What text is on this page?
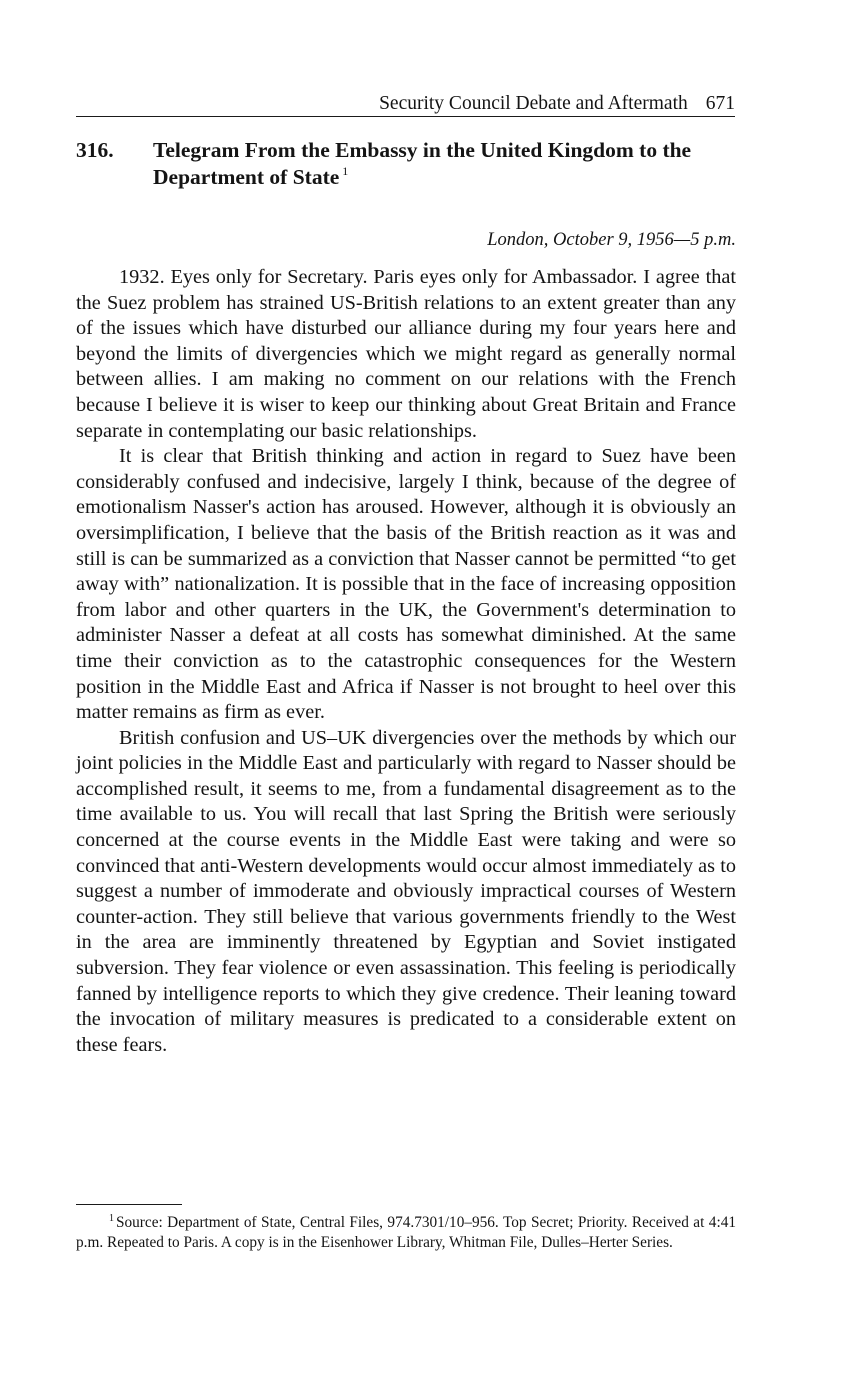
Security Council Debate and Aftermath 671
316. Telegram From the Embassy in the United Kingdom to the Department of State $^1$
London, October 9, 1956—5 p.m.

1932. Eyes only for Secretary. Paris eyes only for Ambassador. I agree that the Suez problem has strained US-British relations to an extent greater than any of the issues which have disturbed our alliance during my four years here and beyond the limits of divergencies which we might regard as generally normal between allies. I am making no comment on our relations with the French because I believe it is wiser to keep our thinking about Great Britain and France separate in contemplating our basic relationships.

It is clear that British thinking and action in regard to Suez have been considerably confused and indecisive, largely I think, because of the degree of emotionalism Nasser's action has aroused. However, although it is obviously an oversimplification, I believe that the basis of the British reaction as it was and still is can be summarized as a conviction that Nasser cannot be permitted “to get away with” nationalization. It is possible that in the face of increasing opposition from labor and other quarters in the UK, the Government's determination to administer Nasser a defeat at all costs has somewhat diminished. At the same time their conviction as to the catastrophic consequences for the Western position in the Middle East and Africa if Nasser is not brought to heel over this matter remains as firm as ever.

British confusion and US–UK divergencies over the methods by which our joint policies in the Middle East and particularly with regard to Nasser should be accomplished result, it seems to me, from a fundamental disagreement as to the time available to us. You will recall that last Spring the British were seriously concerned at the course events in the Middle East were taking and were so convinced that anti-Western developments would occur almost immediately as to suggest a number of immoderate and obviously impractical courses of Western counter-action. They still believe that various governments friendly to the West in the area are imminently threatened by Egyptian and Soviet instigated subversion. They fear violence or even assassination. This feeling is periodically fanned by intelligence reports to which they give credence. Their leaning toward the invocation of military measures is predicated to a considerable extent on these fears.

$^1$ Source: Department of State, Central Files, 974.7301/10–956. Top Secret; Priority. Received at 4:41 p.m. Repeated to Paris. A copy is in the Eisenhower Library, Whitman File, Dulles–Herter Series.
